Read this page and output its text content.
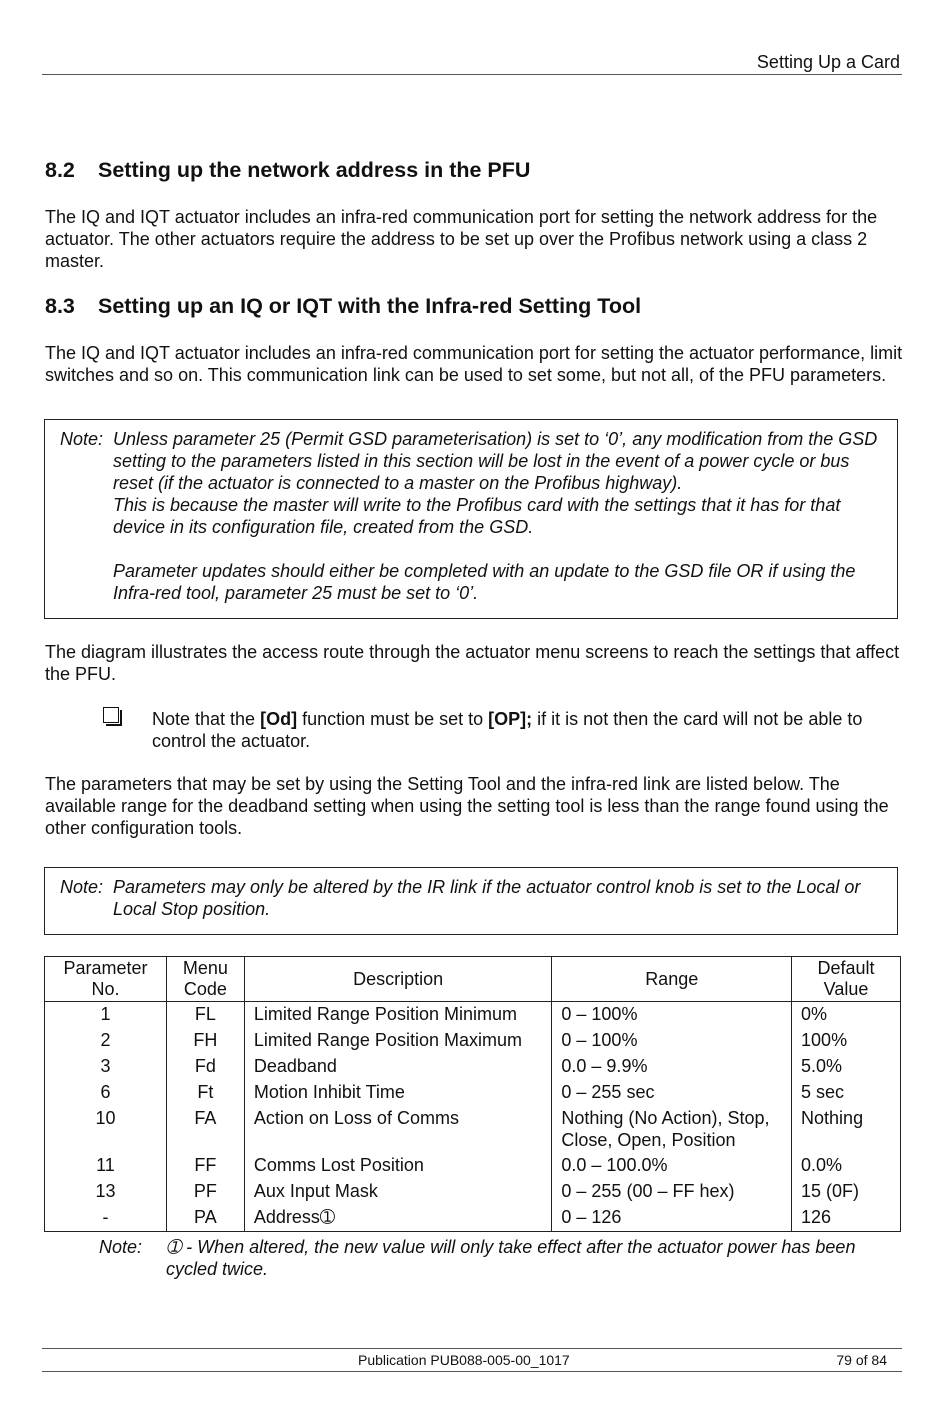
Setting Up a Card
8.2 Setting up the network address in the PFU

The IQ and IQT actuator includes an infra-red communication port for setting the network address for the actuator. The other actuators require the address to be set up over the Profibus network using a class 2 master.

8.3 Setting up an IQ or IQT with the Infra-red Setting Tool

The IQ and IQT actuator includes an infra-red communication port for setting the actuator performance, limit switches and so on. This communication link can be used to set some, but not all, of the PFU parameters.

Note: Unless parameter 25 (Permit GSD parameterisation) is set to ‘0’, any modification from the GSD setting to the parameters listed in this section will be lost in the event of a power cycle or bus reset (if the actuator is connected to a master on the Profibus highway).
This is because the master will write to the Profibus card with the settings that it has for that device in its configuration file, created from the GSD.
Parameter updates should either be completed with an update to the GSD file OR if using the Infra-red tool, parameter 25 must be set to ‘0’.

The diagram illustrates the access route through the actuator menu screens to reach the settings that affect the PFU.

Note that the [Od] function must be set to [OP]; if it is not then the card will not be able to control the actuator.

The parameters that may be set by using the Setting Tool and the infra-red link are listed below. The available range for the deadband setting when using the setting tool is less than the range found using the other configuration tools.

Note: Parameters may only be altered by the IR link if the actuator control knob is set to the Local or Local Stop position.
Parameter No.	Menu Code	Description	Range	Default Value
1	FL	Limited Range Position Minimum	0 – 100%	0%
2	FH	Limited Range Position Maximum	0 – 100%	100%
3	Fd	Deadband	0.0 – 9.9%	5.0%
6	Ft	Motion Inhibit Time	0 – 255 sec	5 sec
10	FA	Action on Loss of Comms	Nothing (No Action), Stop, Close, Open, Position	Nothing
11	FF	Comms Lost Position	0.0 – 100.0%	0.0%
13	PF	Aux Input Mask	0 – 255 (00 – FF hex)	15 (0F)
-	PA	Address➀	0 – 126	126
Note: ➀ - When altered, the new value will only take effect after the actuator power has been cycled twice.
Publication PUB088-005-00_1017	79 of 84
